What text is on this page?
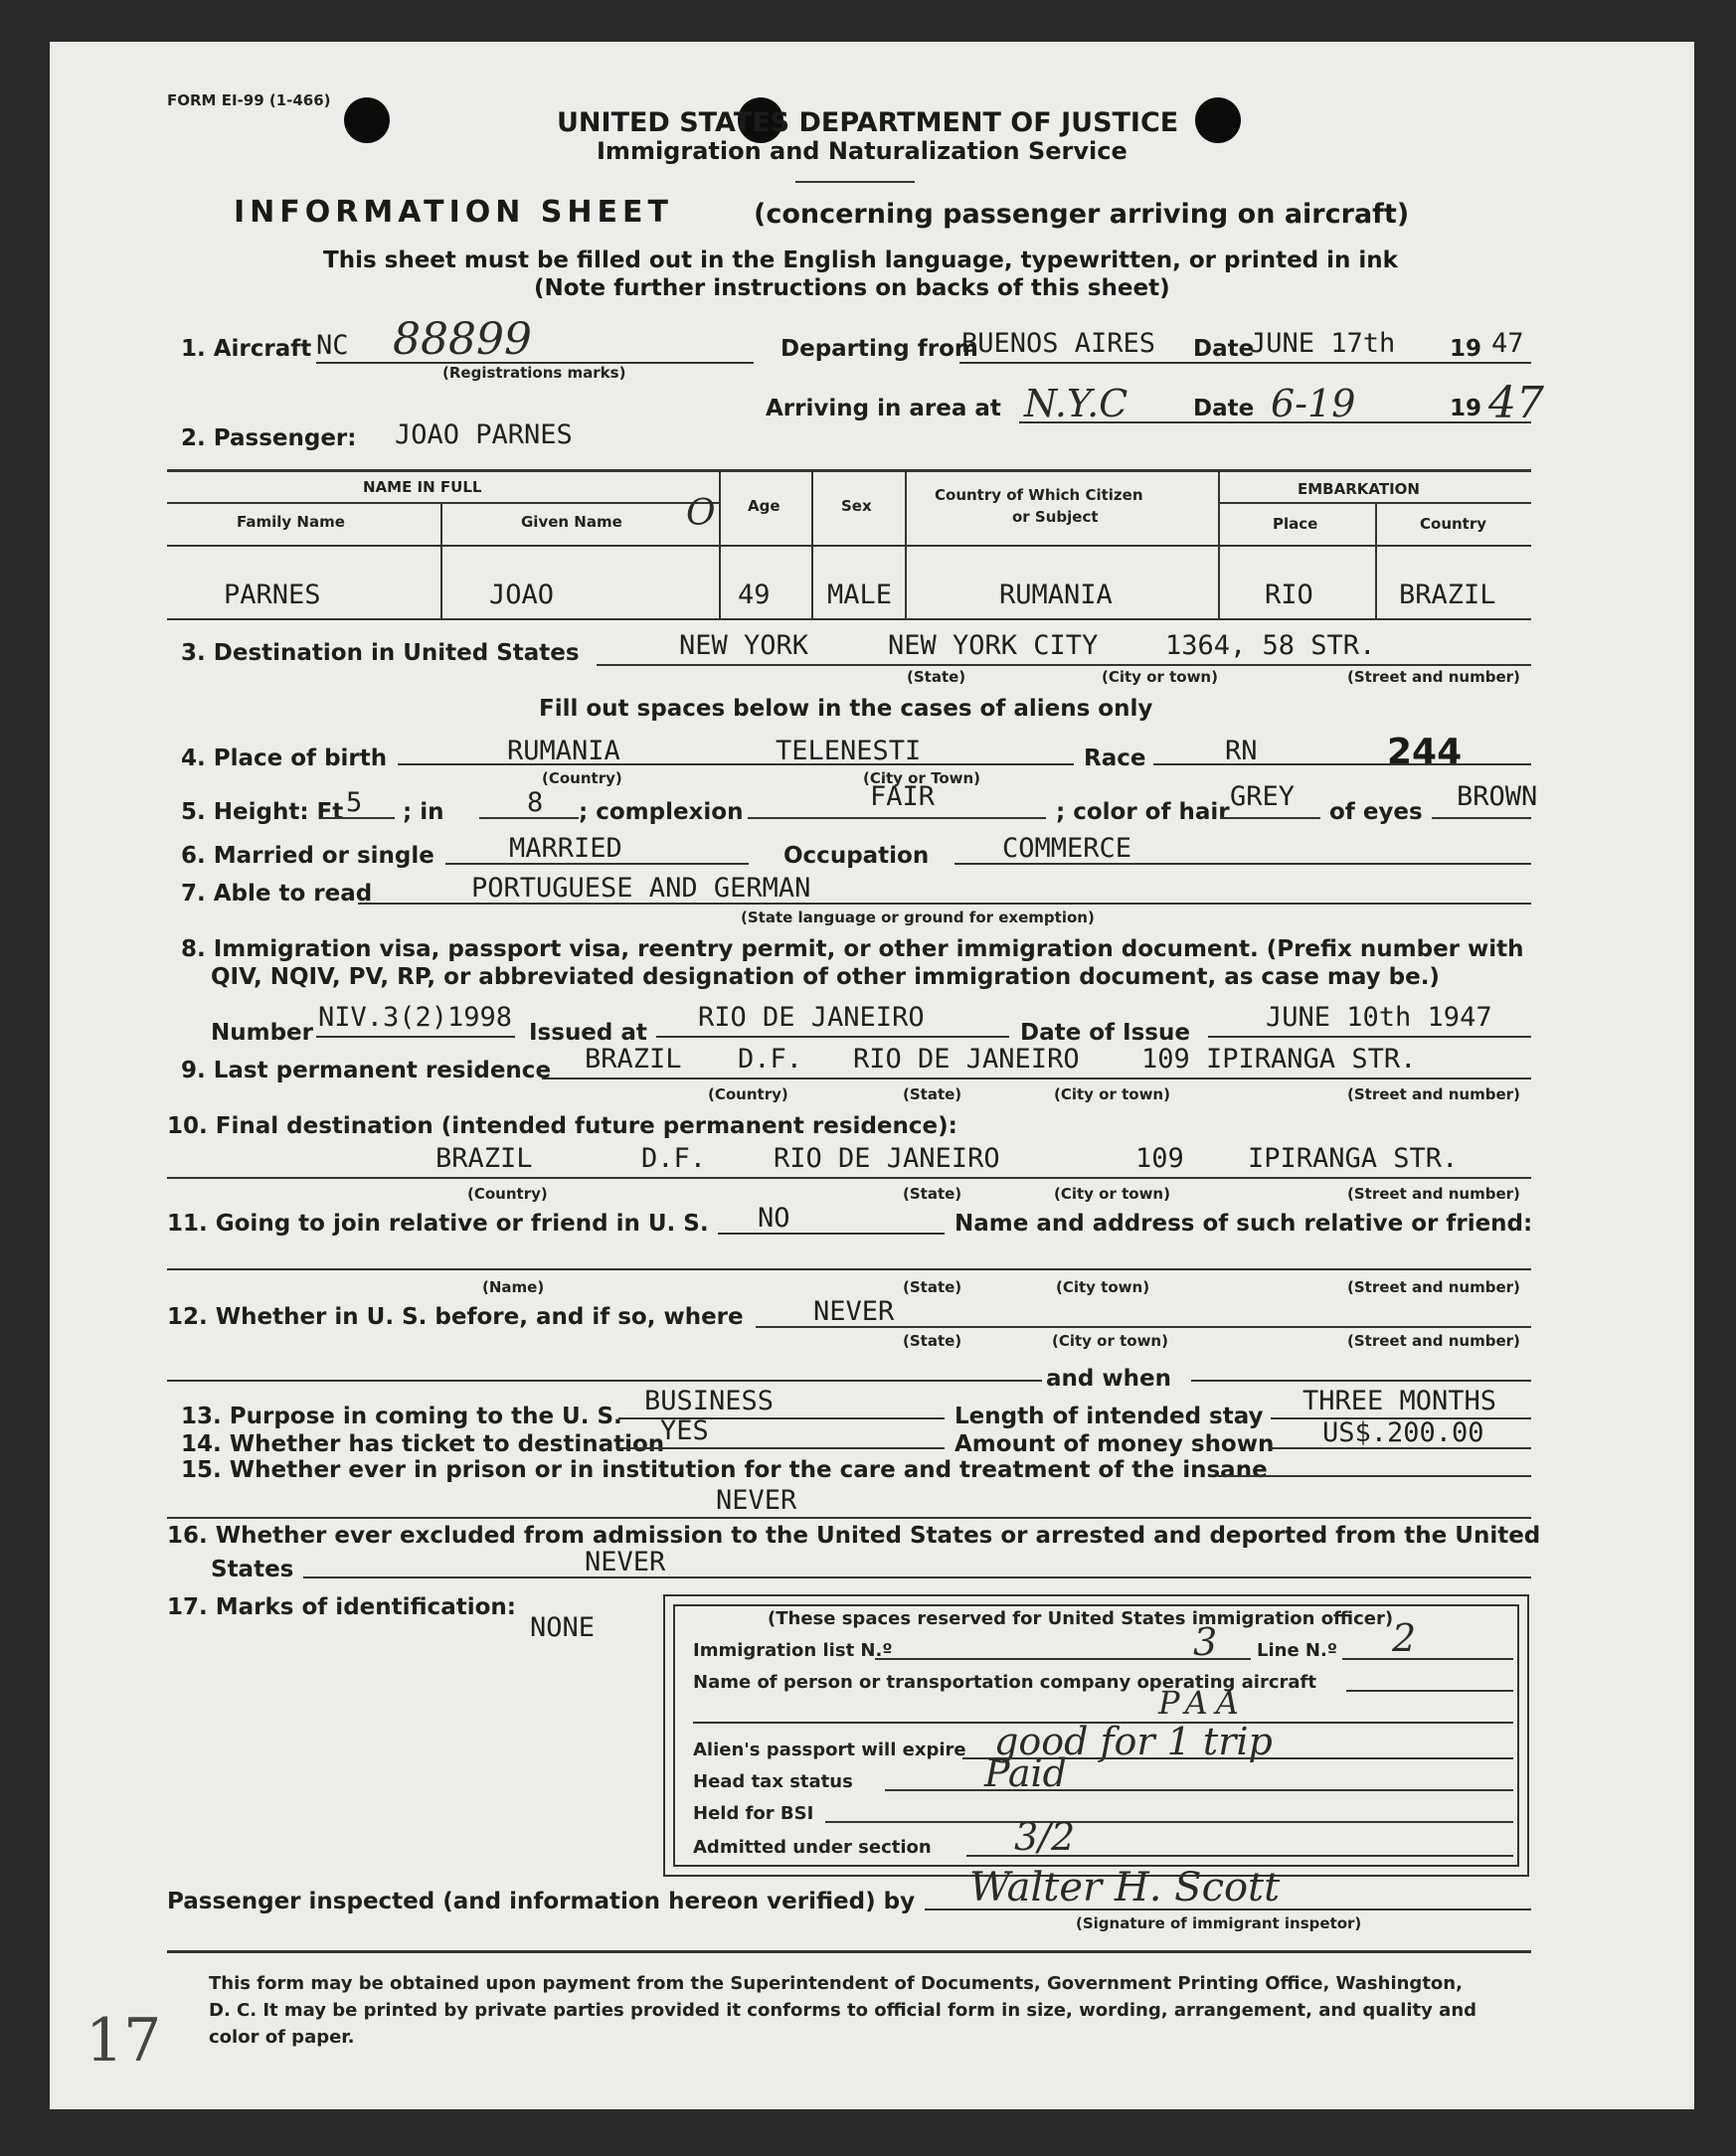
FORM EI-99 (1-466)
UNITED STATES DEPARTMENT OF JUSTICE
Immigration and Naturalization Service
INFORMATION SHEET	(concerning passenger arriving on aircraft)
This sheet must be filled out in the English language, typewritten, or printed in ink
(Note further instructions on backs of this sheet)
1. Aircraft NC 88899
(Registrations marks)
Departing from
BUENOS AIRES Date
JUNE 17th 19 47
Arriving in area at N.Y.C	Date 6-19	19 47
2. Passenger: JOAO PARNES
NAME IN FULL
Family Name	Given Name O Age	Sex
Country of Which Citizen
or Subject
EMBARKATION
Place	Country
PARNES	JOAO	49 MALE	RUMANIA	RIO	BRAZIL
3. Destination in United States	NEW YORK	NEW YORK CITY	1364, 58 STR.
(State)	(City or town)	(Street and number)
Fill out spaces below in the cases of aliens only
4. Place of birth	RUMANIA	TELENESTI
(Country)	(City or Town)
Race	RN	244
5. Height: Ft 5 ; in	8 ; complexion	FAIR	; color of hair GREY of eyes BROWN
6. Married or single	MARRIED	Occupation	COMMERCE
7. Able to read	PORTUGUESE AND GERMAN
(State language or ground for exemption)
8. Immigration visa, passport visa, reentry permit, or other immigration document. (Prefix number with
QIV, NQIV, PV, RP, or abbreviated designation of other immigration document, as case may be.)
Number NIV.3(2)1998 Issued at RIO DE JANEIRO	Date of Issue	JUNE 10th 1947
9. Last permanent residence BRAZIL D.F. RIO DE JANEIRO 109 IPIRANGA STR.
(Country)	(State)	(City or town)	(Street and number)
10. Final destination (intended future permanent residence):
BRAZIL	D.F.	RIO DE JANEIRO	109 IPIRANGA STR.
(Country)	(State)	(City or town)	(Street and number)
11. Going to join relative or friend in U. S. NO	Name and address of such relative or friend:
(Name)	(State)	(City town)	(Street and number)
12. Whether in U. S. before, and if so, where	NEVER
(State)	(City or town)	(Street and number)
and when
13. Purpose in coming to the U. S. BUSINESS	Length of intended stay THREE MONTHS
14. Whether has ticket to destination
YES	Amount of money shown US$.200.00
15. Whether ever in prison or in institution for the care and treatment of the insane
NEVER
16. Whether ever excluded from admission to the United States or arrested and deported from the United
States	NEVER
17. Marks of identification:
NONE	(These spaces reserved for United States immigration officer)
Immigration list N.º	3 Line N.º 2
Name of person or transportation company operating aircraft
PAA
Alien's passport will expire good for 1 trip
Head tax status	Paid
Held for BSI
Admitted under section 3/2
Passenger inspected (and information hereon verified) by Walter H. Scott
(Signature of immigrant inspetor)
This form may be obtained upon payment from the Superintendent of Documents, Government Printing Office, Washington,
D. C. It may be printed by private parties provided it conforms to official form in size, wording, arrangement, and quality and
color of paper.
17
